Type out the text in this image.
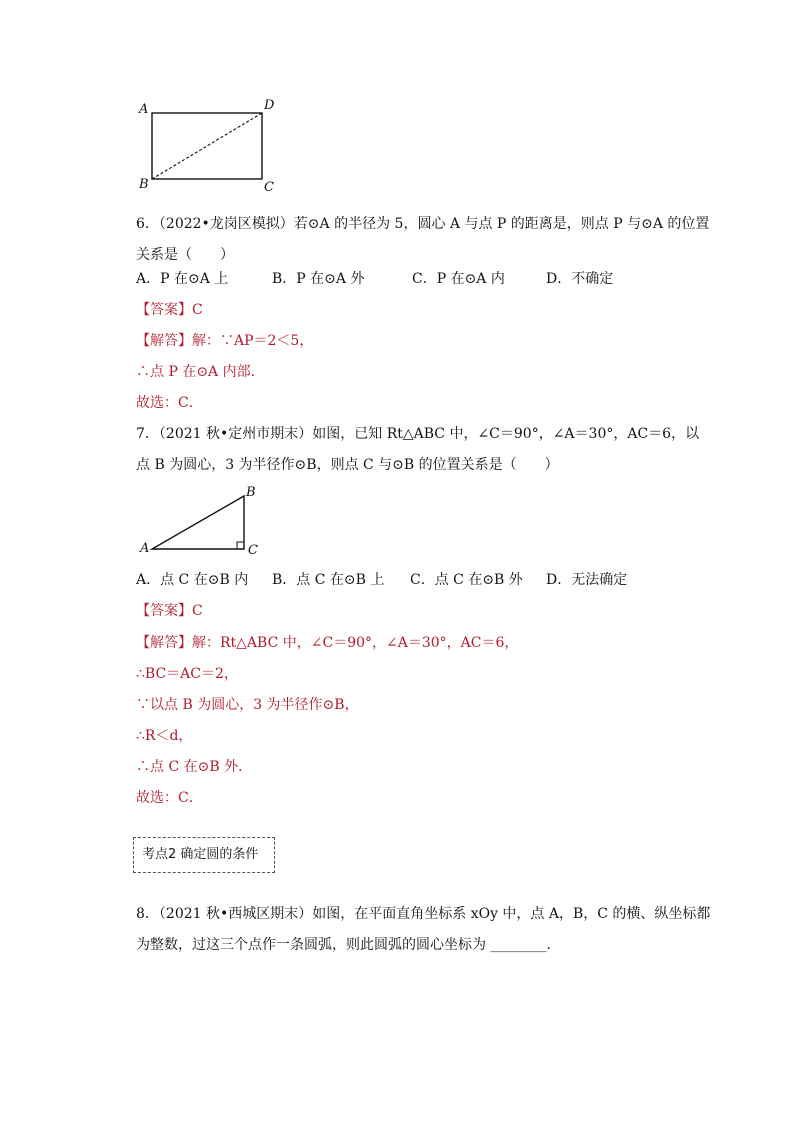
A	D
B	C
6．（2022•龙岗区模拟）若⊙A 的半径为 5，圆心 A 与点 P 的距离是，则点 P 与⊙A 的位置
关系是（　　）
A．P 在⊙A 上	B．P 在⊙A 外	C．P 在⊙A 内	D．不确定
【答案】C
【解答】解：∵AP＝2＜5，
∴点 P 在⊙A 内部．
故选：C．
7．（2021 秋•定州市期末）如图，已知 Rt△ABC 中，∠C＝90°，∠A＝30°，AC＝6，以
点 B 为圆心，3 为半径作⊙B，则点 C 与⊙B 的位置关系是（　　）
A
B
C
A．点 C 在⊙B 内 B．点 C 在⊙B 上 C．点 C 在⊙B 外 D．无法确定
【答案】C
【解答】解：Rt△ABC 中，∠C＝90°，∠A＝30°，AC＝6，
∴BC＝AC＝2，
∵以点 B 为圆心，3 为半径作⊙B，
∴R＜d，
∴点 C 在⊙B 外．
故选：C．
考点2 确定圆的条件
8．（2021 秋•西城区期末）如图，在平面直角坐标系 xOy 中，点 A，B，C 的横、纵坐标都
为整数，过这三个点作一条圆弧，则此圆弧的圆心坐标为 ________．
